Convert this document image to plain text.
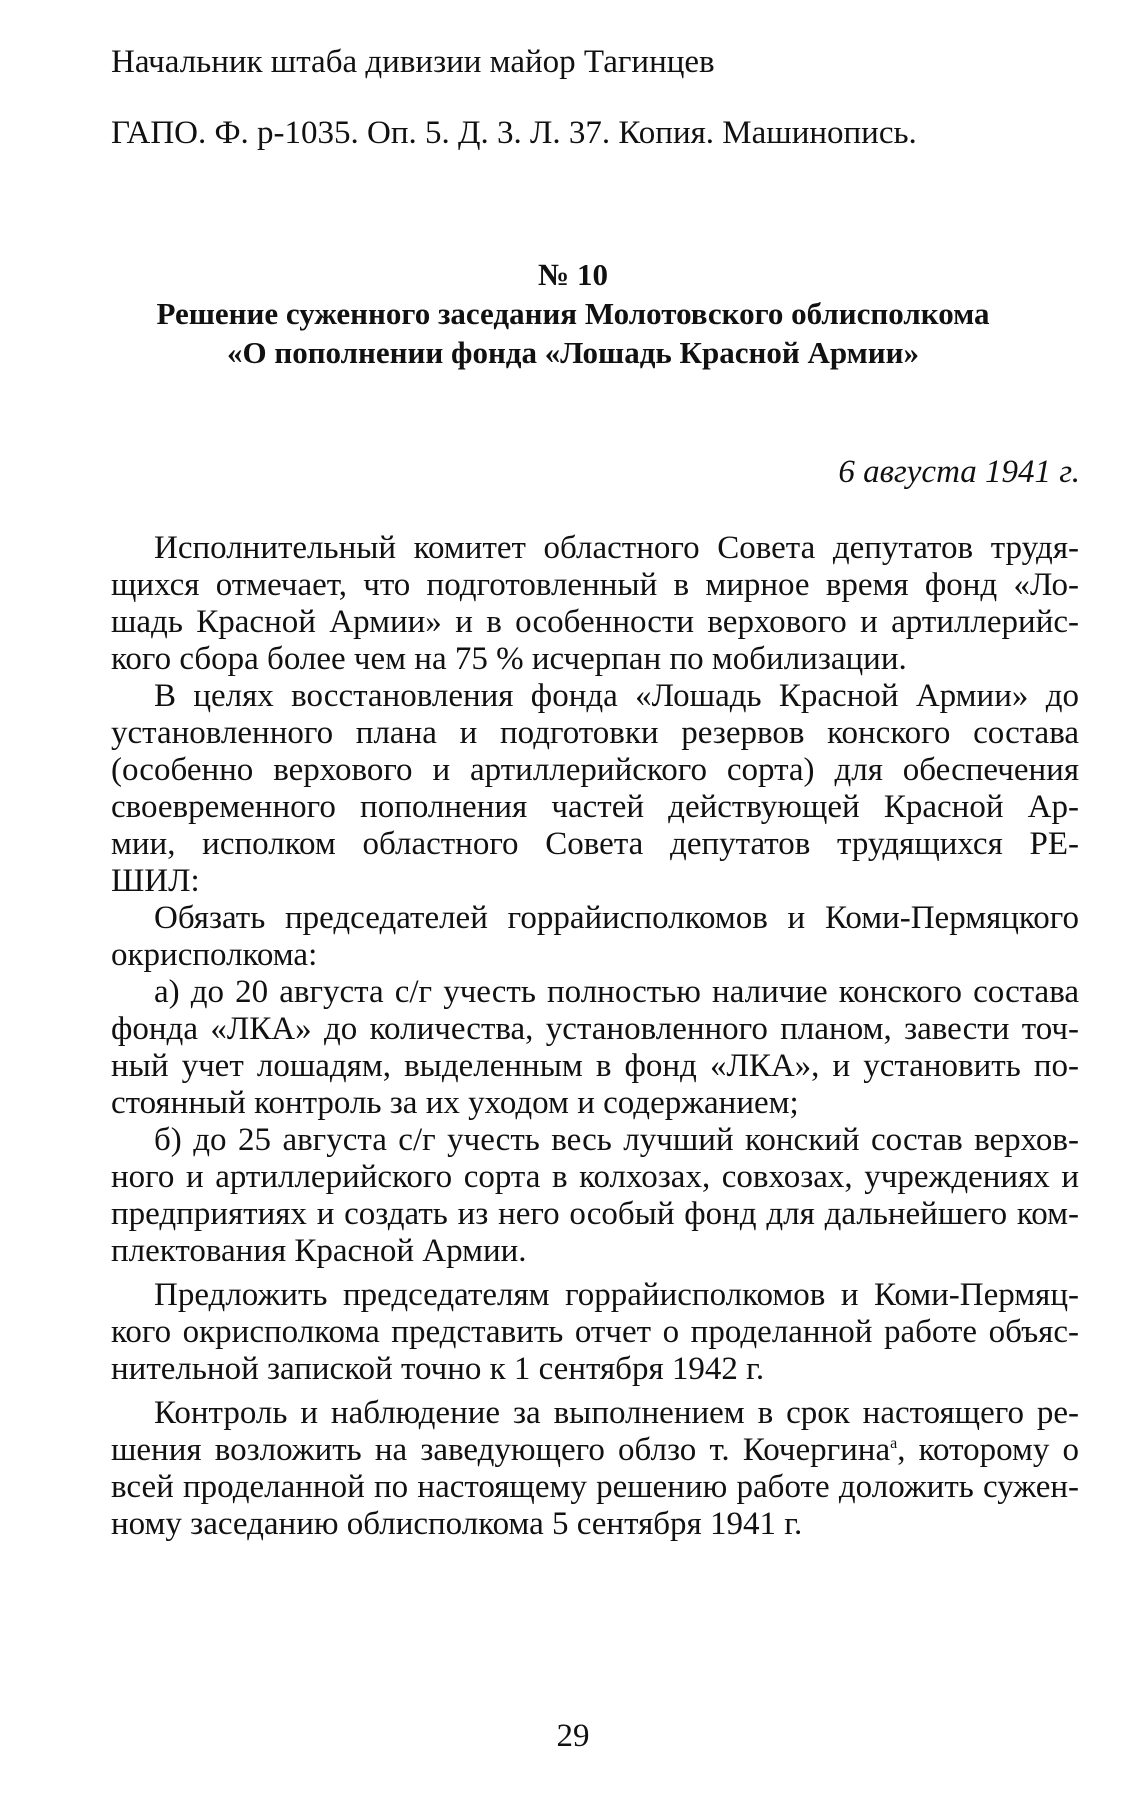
Начальник штаба дивизии майор Тагинцев
ГАПО. Ф. р-1035. Оп. 5. Д. 3. Л. 37. Копия. Машинопись.
№ 10
Решение суженного заседания Молотовского облисполкома
«О пополнении фонда «Лошадь Красной Армии»
6 августа 1941 г.
Исполнительный комитет областного Совета депутатов трудя-
щихся отмечает, что подготовленный в мирное время фонд «Ло-
шадь Красной Армии» и в особенности верхового и артиллерийс-
кого сбора более чем на 75 % исчерпан по мобилизации.
В целях восстановления фонда «Лошадь Красной Армии» до
установленного плана и подготовки резервов конского состава
(особенно верхового и артиллерийского сорта) для обеспечения
своевременного пополнения частей действующей Красной Ар-
мии, исполком областного Совета депутатов трудящихся РЕ-
ШИЛ:
Обязать председателей горрайисполкомов и Коми-Пермяцкого
окрисполкома:
а) до 20 августа с/г учесть полностью наличие конского состава
фонда «ЛКА» до количества, установленного планом, завести точ-
ный учет лошадям, выделенным в фонд «ЛКА», и установить по-
стоянный контроль за их уходом и содержанием;
б) до 25 августа с/г учесть весь лучший конский состав верхов-
ного и артиллерийского сорта в колхозах, совхозах, учреждениях и
предприятиях и создать из него особый фонд для дальнейшего ком-
плектования Красной Армии.
Предложить председателям горрайисполкомов и Коми-Пермяц-
кого окрисполкома представить отчет о проделанной работе объяс-
нительной запиской точно к 1 сентября 1942 г.
Контроль и наблюдение за выполнением в срок настоящего ре-
шения возложить на заведующего облзо т. Кочергина$^а$, которому о
всей проделанной по настоящему решению работе доложить сужен-
ному заседанию облисполкома 5 сентября 1941 г.
29
